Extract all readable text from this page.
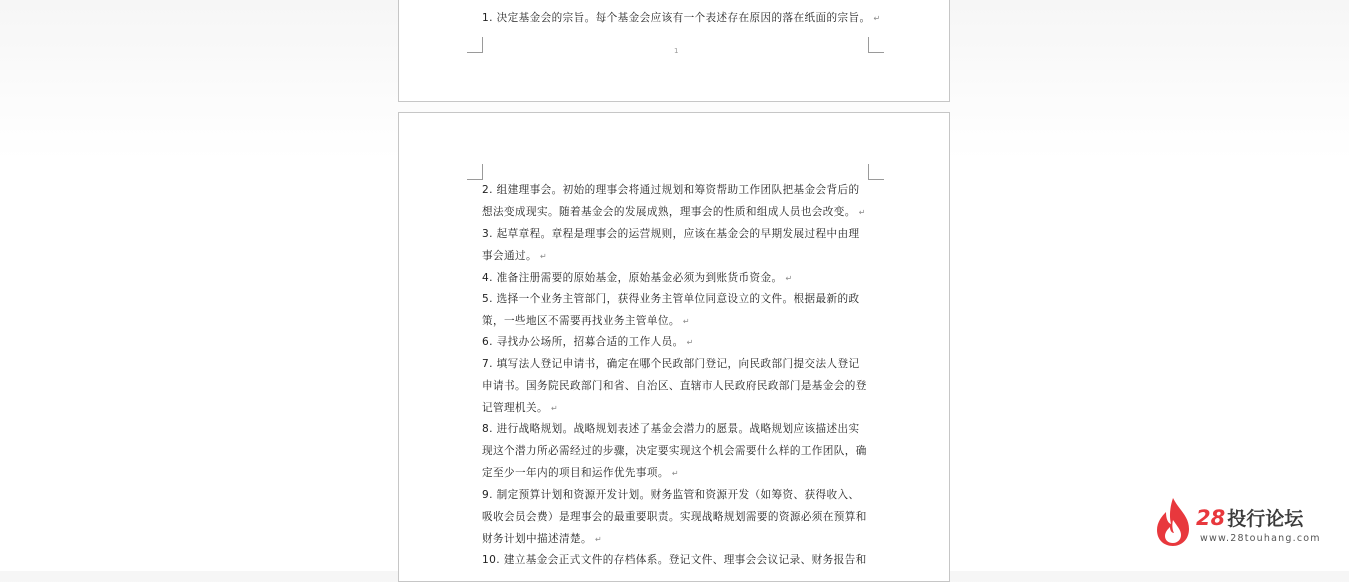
1. 决定基金会的宗旨。每个基金会应该有一个表述存在原因的落在纸面的宗旨。 ↵
1
2. 组建理事会。初始的理事会将通过规划和筹资帮助工作团队把基金会背后的
想法变成现实。随着基金会的发展成熟，理事会的性质和组成人员也会改变。 ↵
3. 起草章程。章程是理事会的运营规则，应该在基金会的早期发展过程中由理
事会通过。 ↵
4. 准备注册需要的原始基金，原始基金必须为到账货币资金。 ↵
5. 选择一个业务主管部门，获得业务主管单位同意设立的文件。根据最新的政
策，一些地区不需要再找业务主管单位。 ↵
6. 寻找办公场所，招募合适的工作人员。 ↵
7. 填写法人登记申请书，确定在哪个民政部门登记，向民政部门提交法人登记
申请书。国务院民政部门和省、自治区、直辖市人民政府民政部门是基金会的登
记管理机关。 ↵
8. 进行战略规划。战略规划表述了基金会潜力的愿景。战略规划应该描述出实
现这个潜力所必需经过的步骤，决定要实现这个机会需要什么样的工作团队，确
定至少一年内的项目和运作优先事项。 ↵
9. 制定预算计划和资源开发计划。财务监管和资源开发（如筹资、获得收入、
吸收会员会费）是理事会的最重要职责。实现战略规划需要的资源必须在预算和
财务计划中描述清楚。 ↵
10. 建立基金会正式文件的存档体系。登记文件、理事会会议记录、财务报告和
28 投行论坛
www.28touhang.com
